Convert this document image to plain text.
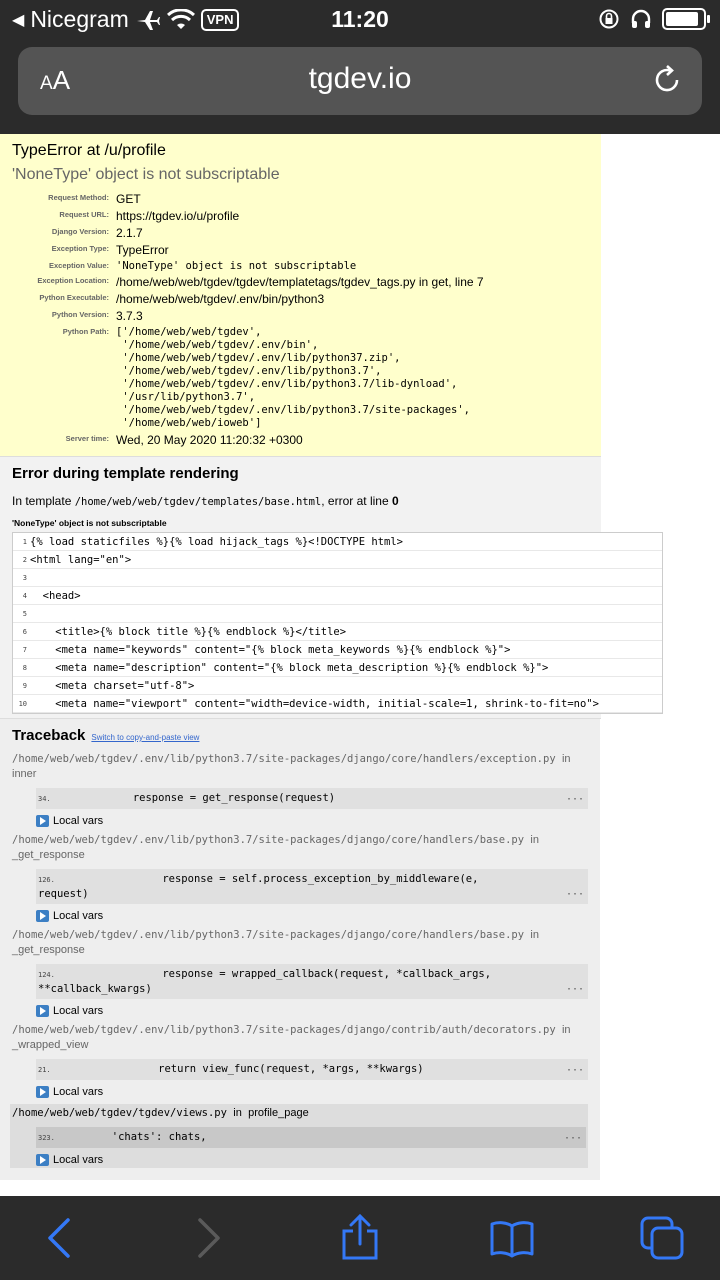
◀ Nicegram	VPN	11:20
AA	tgdev.io
TypeError at /u/profile
'NoneType' object is not subscriptable
Request Method: GET
Request URL: https://tgdev.io/u/profile
Django Version: 2.1.7
Exception Type: TypeError
Exception Value: 'NoneType' object is not subscriptable
Exception Location: /home/web/web/tgdev/tgdev/templatetags/tgdev_tags.py in get, line 7
Python Executable: /home/web/web/tgdev/.env/bin/python3
Python Version: 3.7.3
Python Path: ['/home/web/web/tgdev',
'/home/web/web/tgdev/.env/bin',
'/home/web/web/tgdev/.env/lib/python37.zip',
'/home/web/web/tgdev/.env/lib/python3.7',
'/home/web/web/tgdev/.env/lib/python3.7/lib-dynload',
'/usr/lib/python3.7',
'/home/web/web/tgdev/.env/lib/python3.7/site-packages',
'/home/web/web/ioweb']
Server time: Wed, 20 May 2020 11:20:32 +0300
Error during template rendering
In template /home/web/web/tgdev/templates/base.html, error at line 0
'NoneType' object is not subscriptable
1 {% load staticfiles %}{% load hijack_tags %}<!DOCTYPE html>
2 <html lang="en">
3
4 <head>
5
6 <title>{% block title %}{% endblock %}</title>
7 <meta name="keywords" content="{% block meta_keywords %}{% endblock %}">
8 <meta name="description" content="{% block meta_description %}{% endblock %}">
9 <meta charset="utf-8">
10 <meta name="viewport" content="width=device-width, initial-scale=1, shrink-to-fit=no">
Traceback Switch to copy-and-paste view
/home/web/web/tgdev/.env/lib/python3.7/site-packages/django/core/handlers/exception.py in inner
34.             response = get_response(request)	···
Local vars
/home/web/web/tgdev/.env/lib/python3.7/site-packages/django/core/handlers/base.py in _get_response
126.	response = self.process_exception_by_middleware(e,
request)	···
Local vars
/home/web/web/tgdev/.env/lib/python3.7/site-packages/django/core/handlers/base.py in _get_response
124.	response = wrapped_callback(request, *callback_args,
**callback_kwargs)	···
Local vars
/home/web/web/tgdev/.env/lib/python3.7/site-packages/django/contrib/auth/decorators.py in _wrapped_view
21.                 return view_func(request, *args, **kwargs)	···
Local vars
/home/web/web/tgdev/tgdev/views.py in profile_page
323.         'chats': chats,	···
Local vars
